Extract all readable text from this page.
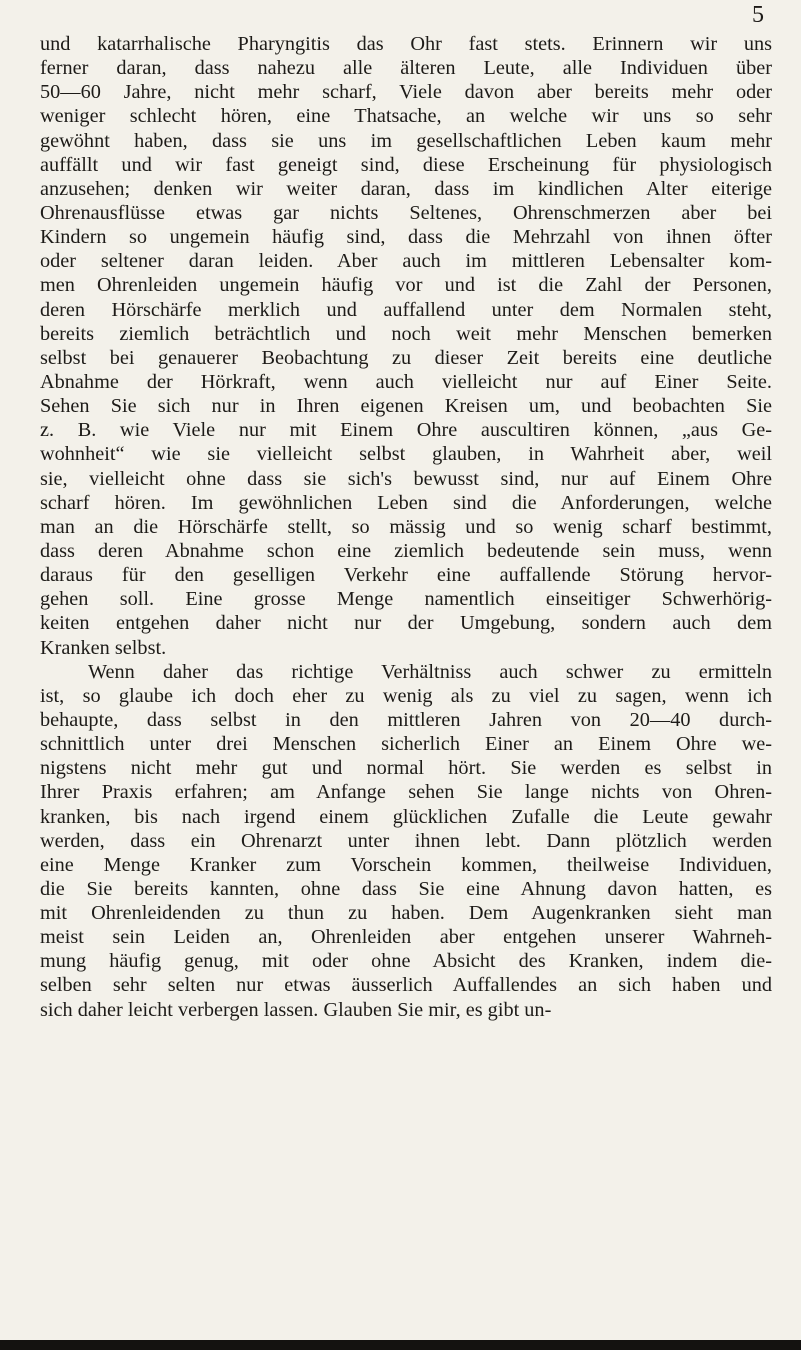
5
und katarrhalische Pharyngitis das Ohr fast stets. Erinnern wir uns
ferner daran, dass nahezu alle älteren Leute, alle Individuen über
50—60 Jahre, nicht mehr scharf, Viele davon aber bereits mehr oder
weniger schlecht hören, eine Thatsache, an welche wir uns so sehr
gewöhnt haben, dass sie uns im gesellschaftlichen Leben kaum mehr
auffällt und wir fast geneigt sind, diese Erscheinung für physiologisch
anzusehen; denken wir weiter daran, dass im kindlichen Alter eiterige
Ohrenausflüsse etwas gar nichts Seltenes, Ohrenschmerzen aber bei
Kindern so ungemein häufig sind, dass die Mehrzahl von ihnen öfter
oder seltener daran leiden. Aber auch im mittleren Lebensalter kom-
men Ohrenleiden ungemein häufig vor und ist die Zahl der Personen,
deren Hörschärfe merklich und auffallend unter dem Normalen steht,
bereits ziemlich beträchtlich und noch weit mehr Menschen bemerken
selbst bei genauerer Beobachtung zu dieser Zeit bereits eine deutliche
Abnahme der Hörkraft, wenn auch vielleicht nur auf Einer Seite.
Sehen Sie sich nur in Ihren eigenen Kreisen um, und beobachten Sie
z. B. wie Viele nur mit Einem Ohre auscultiren können, „aus Ge-
wohnheit“ wie sie vielleicht selbst glauben, in Wahrheit aber, weil
sie, vielleicht ohne dass sie sich's bewusst sind, nur auf Einem Ohre
scharf hören. Im gewöhnlichen Leben sind die Anforderungen, welche
man an die Hörschärfe stellt, so mässig und so wenig scharf bestimmt,
dass deren Abnahme schon eine ziemlich bedeutende sein muss, wenn
daraus für den geselligen Verkehr eine auffallende Störung hervor-
gehen soll. Eine grosse Menge namentlich einseitiger Schwerhörig-
keiten entgehen daher nicht nur der Umgebung, sondern auch dem
Kranken selbst.
Wenn daher das richtige Verhältniss auch schwer zu ermitteln
ist, so glaube ich doch eher zu wenig als zu viel zu sagen, wenn ich
behaupte, dass selbst in den mittleren Jahren von 20—40 durch-
schnittlich unter drei Menschen sicherlich Einer an Einem Ohre we-
nigstens nicht mehr gut und normal hört. Sie werden es selbst in
Ihrer Praxis erfahren; am Anfange sehen Sie lange nichts von Ohren-
kranken, bis nach irgend einem glücklichen Zufalle die Leute gewahr
werden, dass ein Ohrenarzt unter ihnen lebt. Dann plötzlich werden
eine Menge Kranker zum Vorschein kommen, theilweise Individuen,
die Sie bereits kannten, ohne dass Sie eine Ahnung davon hatten, es
mit Ohrenleidenden zu thun zu haben. Dem Augenkranken sieht man
meist sein Leiden an, Ohrenleiden aber entgehen unserer Wahrneh-
mung häufig genug, mit oder ohne Absicht des Kranken, indem die-
selben sehr selten nur etwas äusserlich Auffallendes an sich haben und
sich daher leicht verbergen lassen. Glauben Sie mir, es gibt un-
